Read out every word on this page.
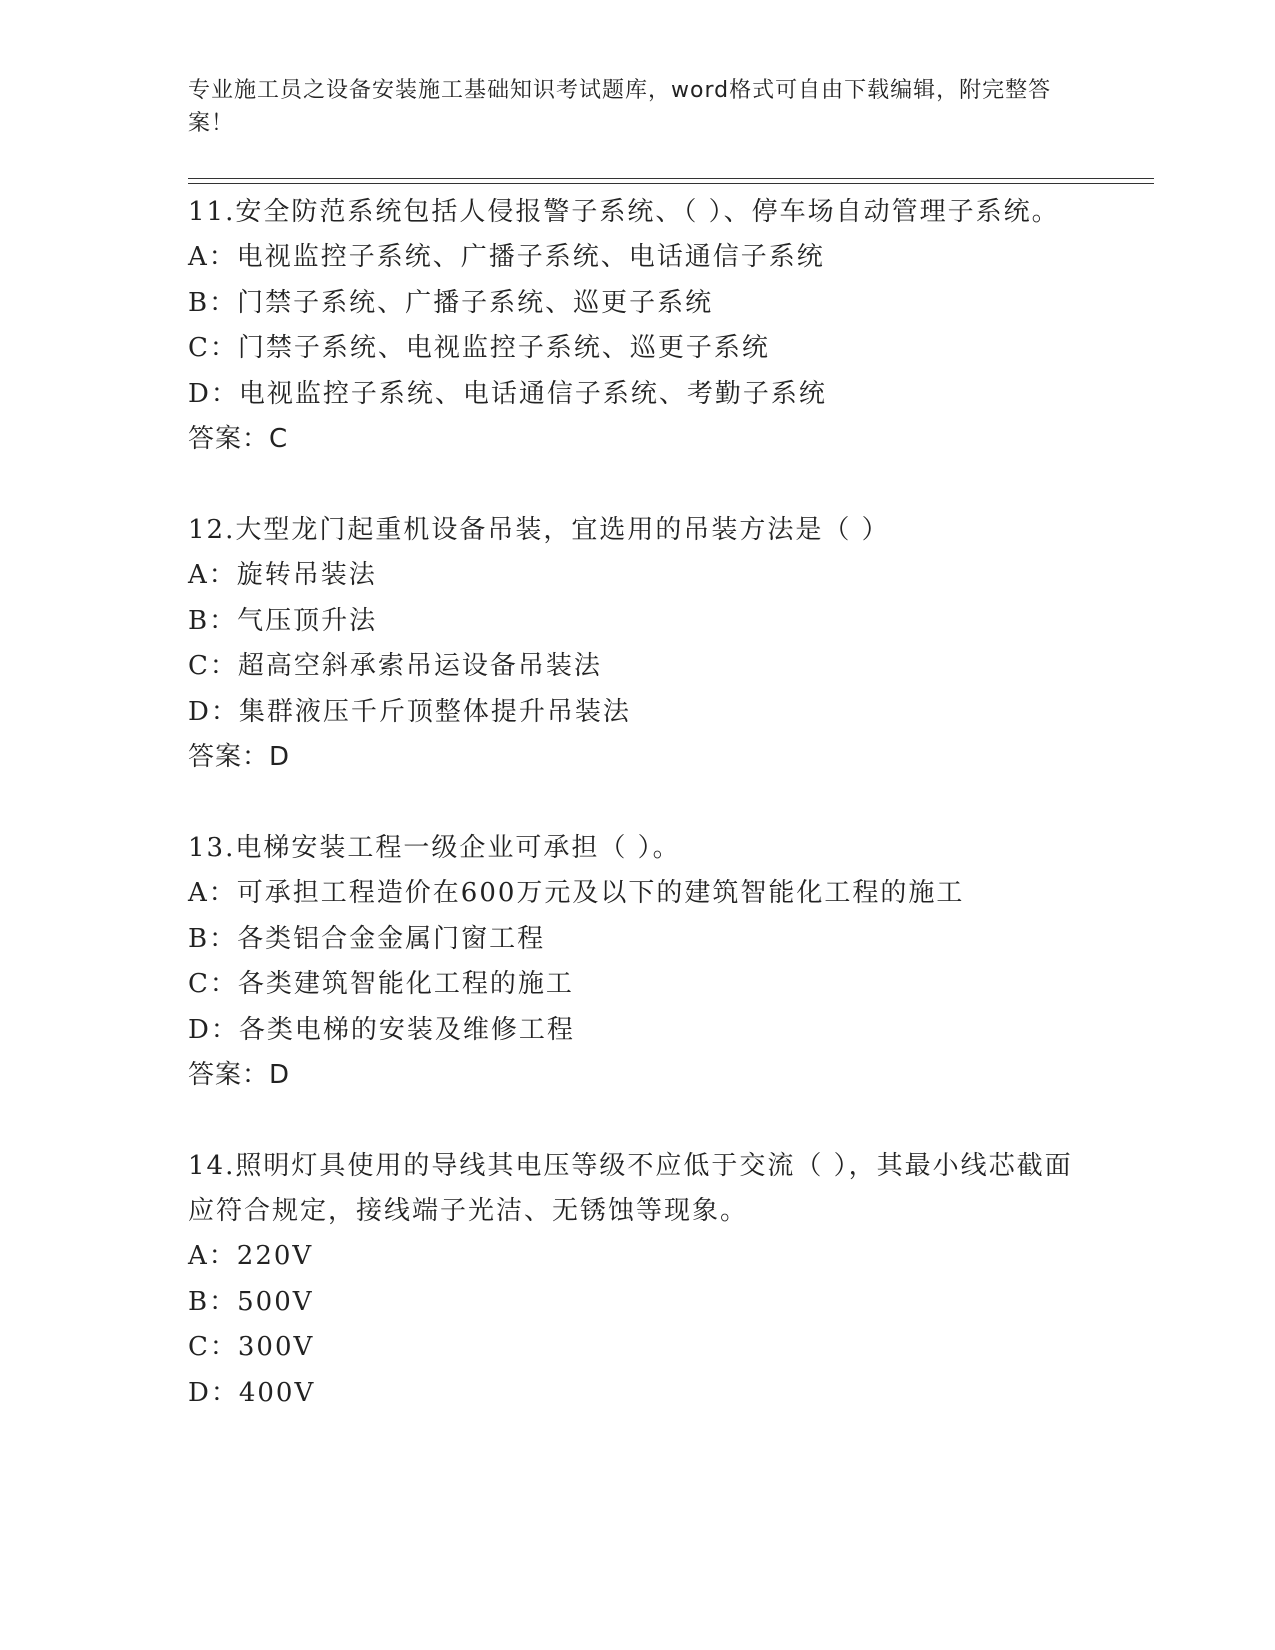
专业施工员之设备安装施工基础知识考试题库，word格式可自由下载编辑，附完整答案！

11.安全防范系统包括人侵报警子系统、（ ）、停车场自动管理子系统。

A：电视监控子系统、广播子系统、电话通信子系统

B：门禁子系统、广播子系统、巡更子系统

C：门禁子系统、电视监控子系统、巡更子系统

D：电视监控子系统、电话通信子系统、考勤子系统

答案：C

12.大型龙门起重机设备吊装，宜选用的吊装方法是（ ）

A：旋转吊装法

B：气压顶升法

C：超高空斜承索吊运设备吊装法

D：集群液压千斤顶整体提升吊装法

答案：D

13.电梯安装工程一级企业可承担（ ）。

A：可承担工程造价在600万元及以下的建筑智能化工程的施工

B：各类铝合金金属门窗工程

C：各类建筑智能化工程的施工

D：各类电梯的安装及维修工程

答案：D

14.照明灯具使用的导线其电压等级不应低于交流（ ），其最小线芯截面应符合规定，接线端子光洁、无锈蚀等现象。

A：220V

B：500V

C：300V

D：400V
